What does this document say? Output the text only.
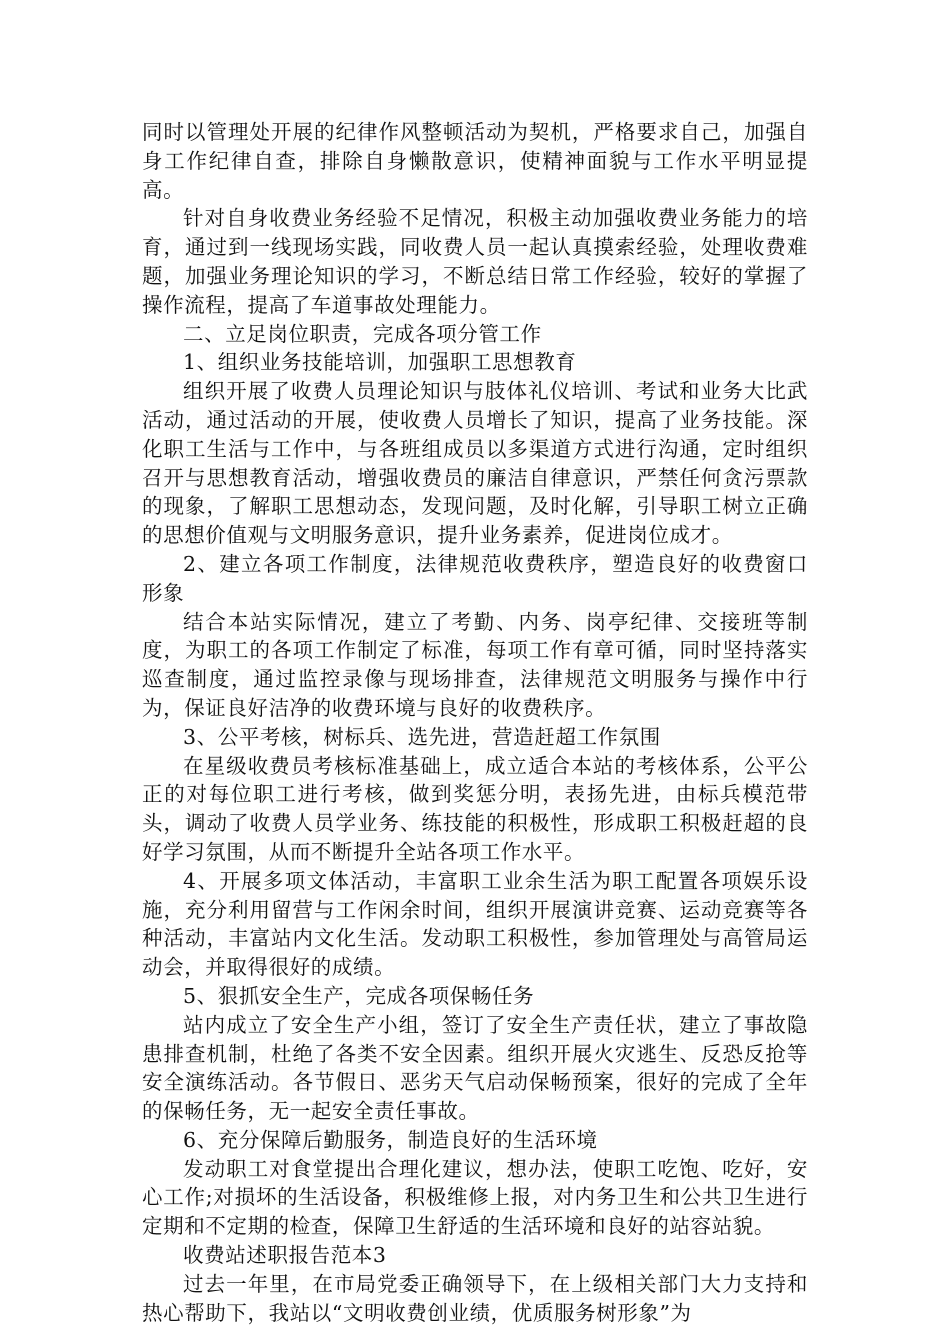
同时以管理处开展的纪律作风整顿活动为契机，严格要求自己，加强自身工作纪律自查，排除自身懒散意识，使精神面貌与工作水平明显提高。

针对自身收费业务经验不足情况，积极主动加强收费业务能力的培育，通过到一线现场实践，同收费人员一起认真摸索经验，处理收费难题，加强业务理论知识的学习，不断总结日常工作经验，较好的掌握了操作流程，提高了车道事故处理能力。

二、立足岗位职责，完成各项分管工作

1、组织业务技能培训，加强职工思想教育

组织开展了收费人员理论知识与肢体礼仪培训、考试和业务大比武活动，通过活动的开展，使收费人员增长了知识，提高了业务技能。深化职工生活与工作中，与各班组成员以多渠道方式进行沟通，定时组织召开与思想教育活动，增强收费员的廉洁自律意识，严禁任何贪污票款的现象，了解职工思想动态，发现问题，及时化解，引导职工树立正确的思想价值观与文明服务意识，提升业务素养，促进岗位成才。

2、建立各项工作制度，法律规范收费秩序，塑造良好的收费窗口形象

结合本站实际情况，建立了考勤、内务、岗亭纪律、交接班等制度，为职工的各项工作制定了标准，每项工作有章可循，同时坚持落实巡查制度，通过监控录像与现场排查，法律规范文明服务与操作中行为，保证良好洁净的收费环境与良好的收费秩序。

3、公平考核，树标兵、选先进，营造赶超工作氛围

在星级收费员考核标准基础上，成立适合本站的考核体系，公平公正的对每位职工进行考核，做到奖惩分明，表扬先进，由标兵模范带头，调动了收费人员学业务、练技能的积极性，形成职工积极赶超的良好学习氛围，从而不断提升全站各项工作水平。

4、开展多项文体活动，丰富职工业余生活为职工配置各项娱乐设施，充分利用留营与工作闲余时间，组织开展演讲竞赛、运动竞赛等各种活动，丰富站内文化生活。发动职工积极性，参加管理处与高管局运动会，并取得很好的成绩。

5、狠抓安全生产，完成各项保畅任务

站内成立了安全生产小组，签订了安全生产责任状，建立了事故隐患排查机制，杜绝了各类不安全因素。组织开展火灾逃生、反恐反抢等安全演练活动。各节假日、恶劣天气启动保畅预案，很好的完成了全年的保畅任务，无一起安全责任事故。

6、充分保障后勤服务，制造良好的生活环境

发动职工对食堂提出合理化建议，想办法，使职工吃饱、吃好，安心工作;对损坏的生活设备，积极维修上报，对内务卫生和公共卫生进行定期和不定期的检查，保障卫生舒适的生活环境和良好的站容站貌。

收费站述职报告范本3

过去一年里，在市局党委正确领导下，在上级相关部门大力支持和热心帮助下，我站以“文明收费创业绩，优质服务树形象”为
